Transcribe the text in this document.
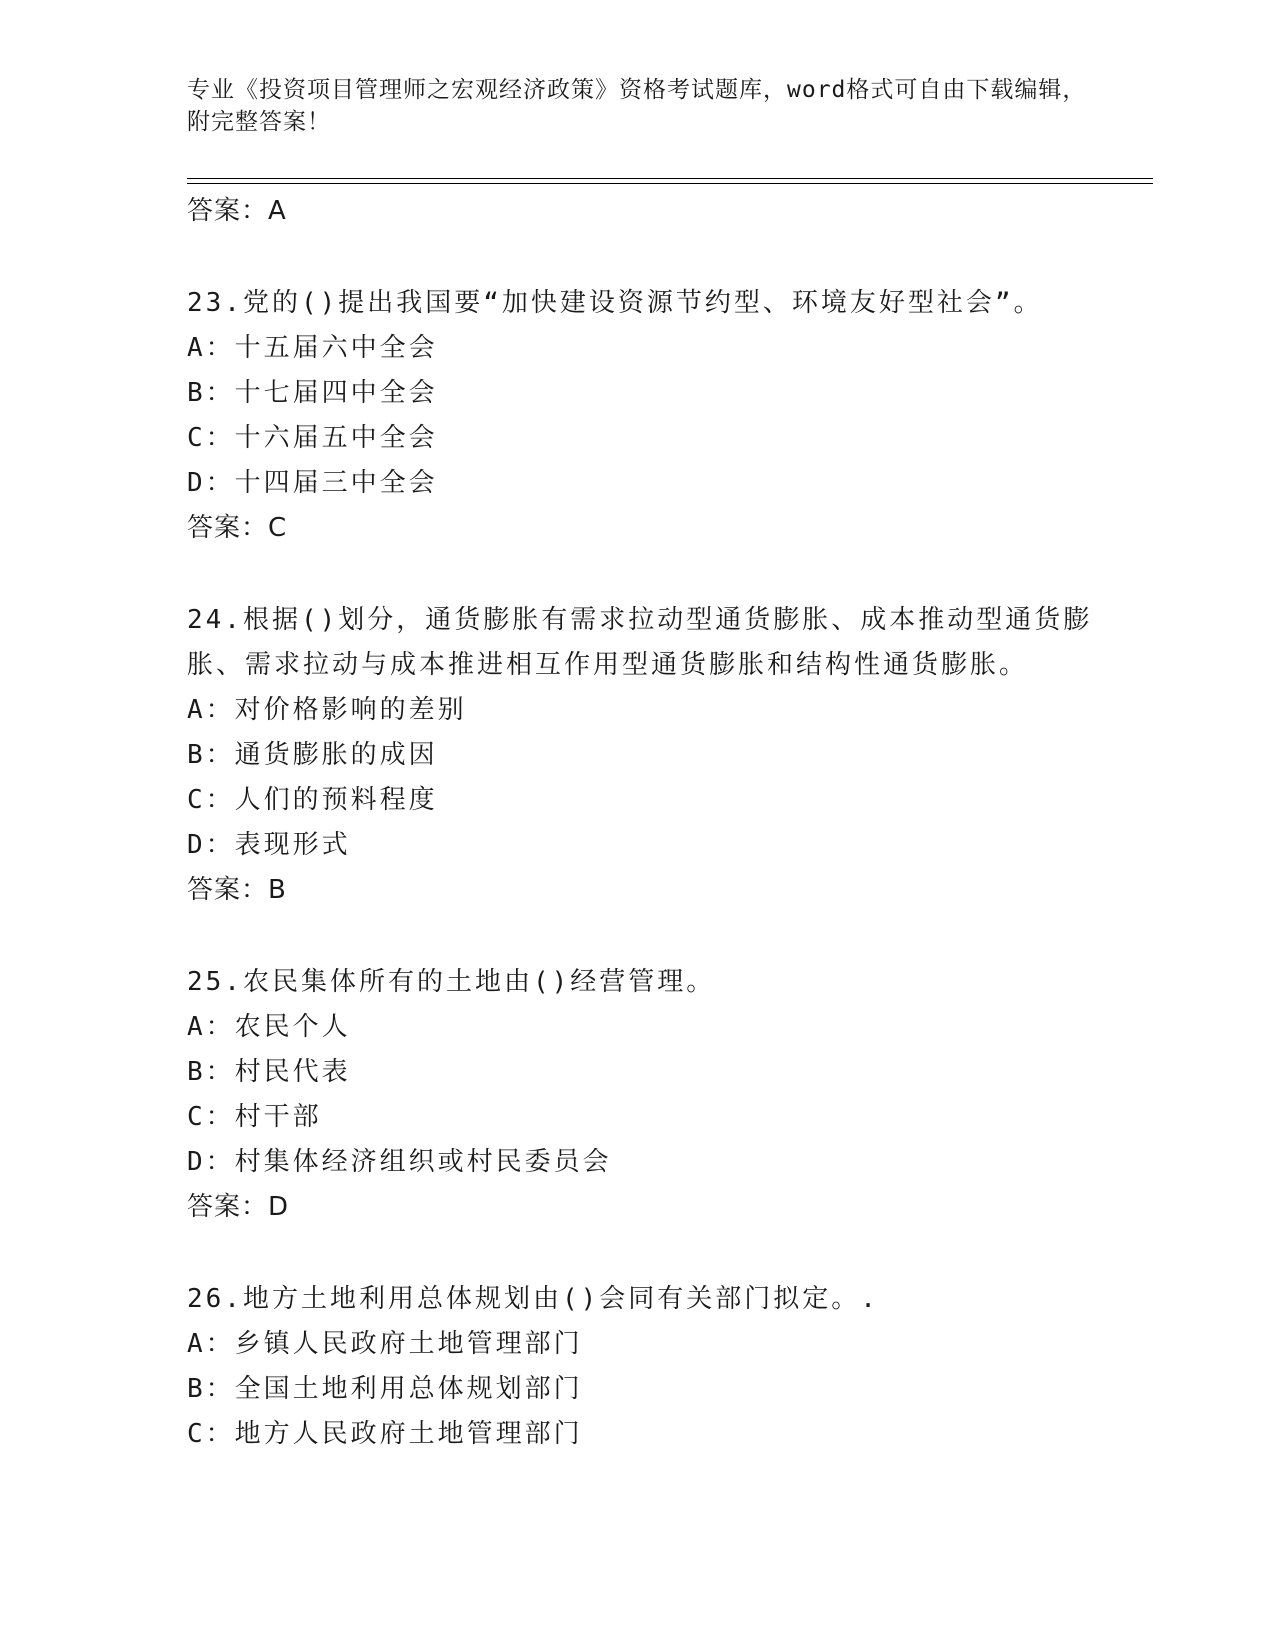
专业《投资项目管理师之宏观经济政策》资格考试题库，word格式可自由下载编辑，附完整答案！
答案：A
23.党的()提出我国要“加快建设资源节约型、环境友好型社会”。
A：十五届六中全会
B：十七届四中全会
C：十六届五中全会
D：十四届三中全会
答案：C
24.根据()划分，通货膨胀有需求拉动型通货膨胀、成本推动型通货膨
胀、需求拉动与成本推进相互作用型通货膨胀和结构性通货膨胀。
A：对价格影响的差别
B：通货膨胀的成因
C：人们的预料程度
D：表现形式
答案：B
25.农民集体所有的土地由()经营管理。
A：农民个人
B：村民代表
C：村干部
D：村集体经济组织或村民委员会
答案：D
26.地方土地利用总体规划由()会同有关部门拟定。.
A：乡镇人民政府土地管理部门
B：全国土地利用总体规划部门
C：地方人民政府土地管理部门
